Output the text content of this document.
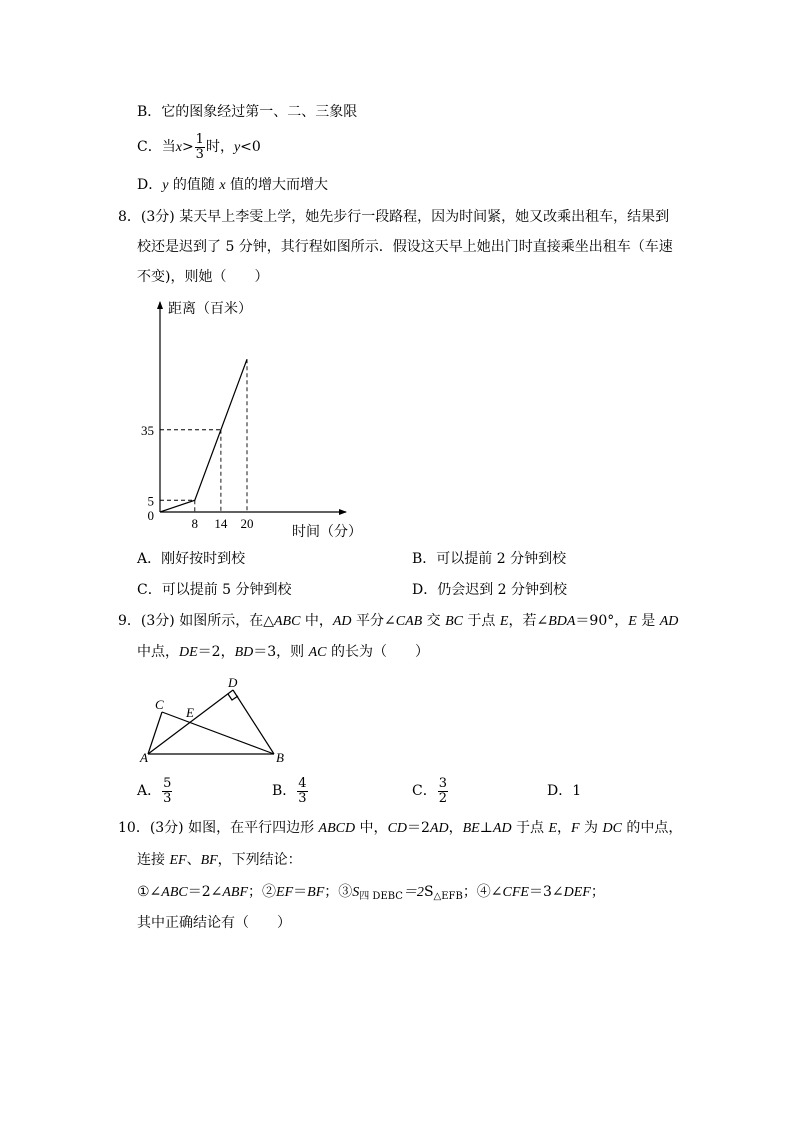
B．它的图象经过第一、二、三象限
C．当$x> \frac{1}{3}$ 时，y<0
D．y 的值随 x 值的增大而增大
8．(3分) 某天早上李雯上学，她先步行一段路程，因为时间紧，她又改乘出租车，结果到
校还是迟到了 5 分钟，其行程如图所示．假设这天早上她出门时直接乘坐出租车（车速
不变)，则她（　　）
8 14 20
5
35
0
距离（百米）
时间（分）
A．刚好按时到校	B．可以提前 2 分钟到校
C．可以提前 5 分钟到校	D．仍会迟到 2 分钟到校
9．(3分) 如图所示，在△ABC 中，AD 平分∠CAB 交 BC 于点 E，若∠BDA＝90°，E 是 AD
中点，DE＝2，BD＝3，则 AC 的长为（　　）
A	B
C
D
E
A． $\frac{5}{3}$	B． $\frac{4}{3}$	C． $\frac{3}{2}$	D．1
10．(3分) 如图，在平行四边形 ABCD 中，CD＝2AD，BE⊥AD 于点 E，F 为 DC 的中点，
连接 EF、BF，下列结论：
①∠ABC＝2∠ABF；②EF＝BF；$③S_{四 DEBC}=2S_{\triangle EFB}$；④∠CFE＝3∠DEF；
其中正确结论有（　　）
